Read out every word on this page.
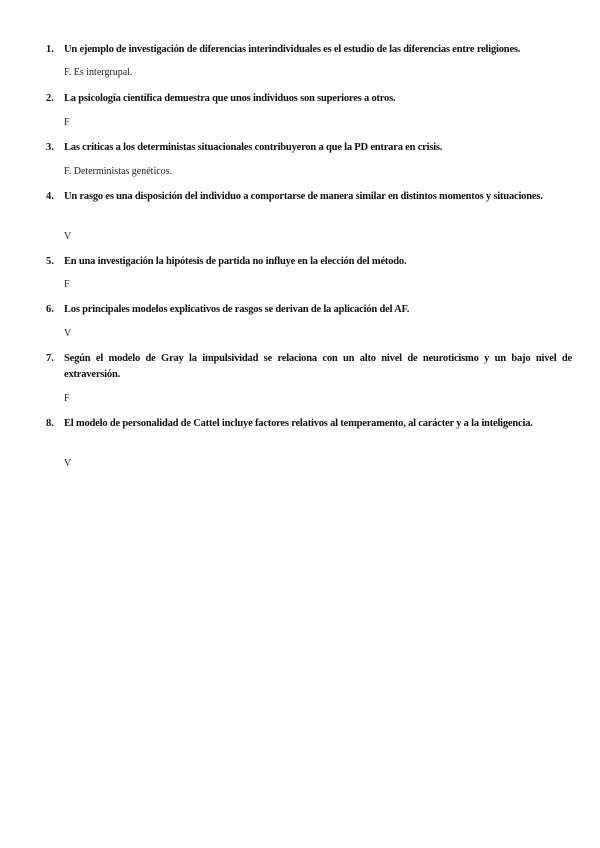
1. Un ejemplo de investigación de diferencias interindividuales es el estudio de las diferencias entre religiones.
F. Es intergrupal.
2. La psicología científica demuestra que unos individuos son superiores a otros.
F
3. Las críticas a los deterministas situacionales contribuyeron a que la PD entrara en crisis.
F. Deterministas genéticos.
4. Un rasgo es una disposición del individuo a comportarse de manera similar en distintos momentos y situaciones.
V
5. En una investigación la hipótesis de partida no influye en la elección del método.
F
6. Los principales modelos explicativos de rasgos se derivan de la aplicación del AF.
V
7. Según el modelo de Gray la impulsividad se relaciona con un alto nivel de neuroticismo y un bajo nivel de extraversión.
F
8. El modelo de personalidad de Cattel incluye factores relativos al temperamento, al carácter y a la inteligencia.
V
